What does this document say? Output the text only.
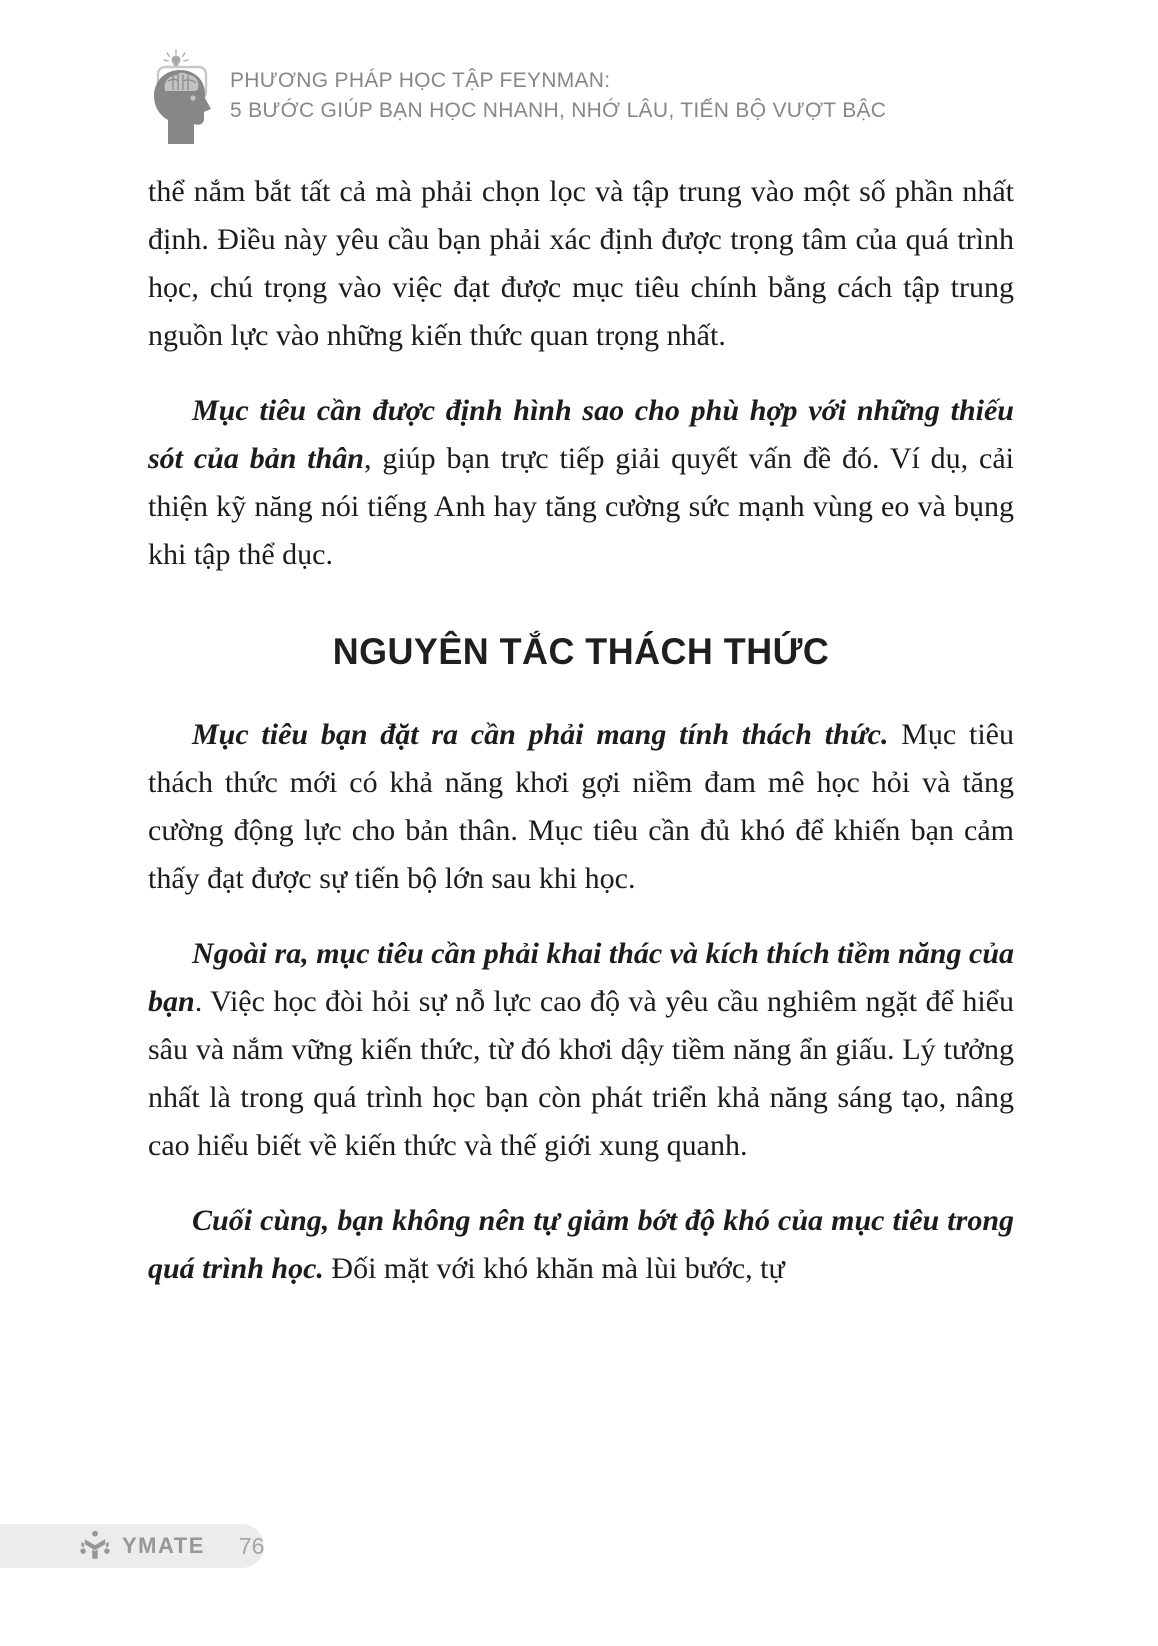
PHƯƠNG PHÁP HỌC TẬP FEYNMAN:
5 BƯỚC GIÚP BẠN HỌC NHANH, NHỚ LÂU, TIẾN BỘ VƯỢT BẬC

thể nắm bắt tất cả mà phải chọn lọc và tập trung vào một số phần nhất định. Điều này yêu cầu bạn phải xác định được trọng tâm của quá trình học, chú trọng vào việc đạt được mục tiêu chính bằng cách tập trung nguồn lực vào những kiến thức quan trọng nhất.

Mục tiêu cần được định hình sao cho phù hợp với những thiếu sót của bản thân, giúp bạn trực tiếp giải quyết vấn đề đó. Ví dụ, cải thiện kỹ năng nói tiếng Anh hay tăng cường sức mạnh vùng eo và bụng khi tập thể dục.

NGUYÊN TẮC THÁCH THỨC

Mục tiêu bạn đặt ra cần phải mang tính thách thức. Mục tiêu thách thức mới có khả năng khơi gợi niềm đam mê học hỏi và tăng cường động lực cho bản thân. Mục tiêu cần đủ khó để khiến bạn cảm thấy đạt được sự tiến bộ lớn sau khi học.

Ngoài ra, mục tiêu cần phải khai thác và kích thích tiềm năng của bạn. Việc học đòi hỏi sự nỗ lực cao độ và yêu cầu nghiêm ngặt để hiểu sâu và nắm vững kiến thức, từ đó khơi dậy tiềm năng ẩn giấu. Lý tưởng nhất là trong quá trình học bạn còn phát triển khả năng sáng tạo, nâng cao hiểu biết về kiến thức và thế giới xung quanh.

Cuối cùng, bạn không nên tự giảm bớt độ khó của mục tiêu trong quá trình học. Đối mặt với khó khăn mà lùi bước, tự

YMATE 76
